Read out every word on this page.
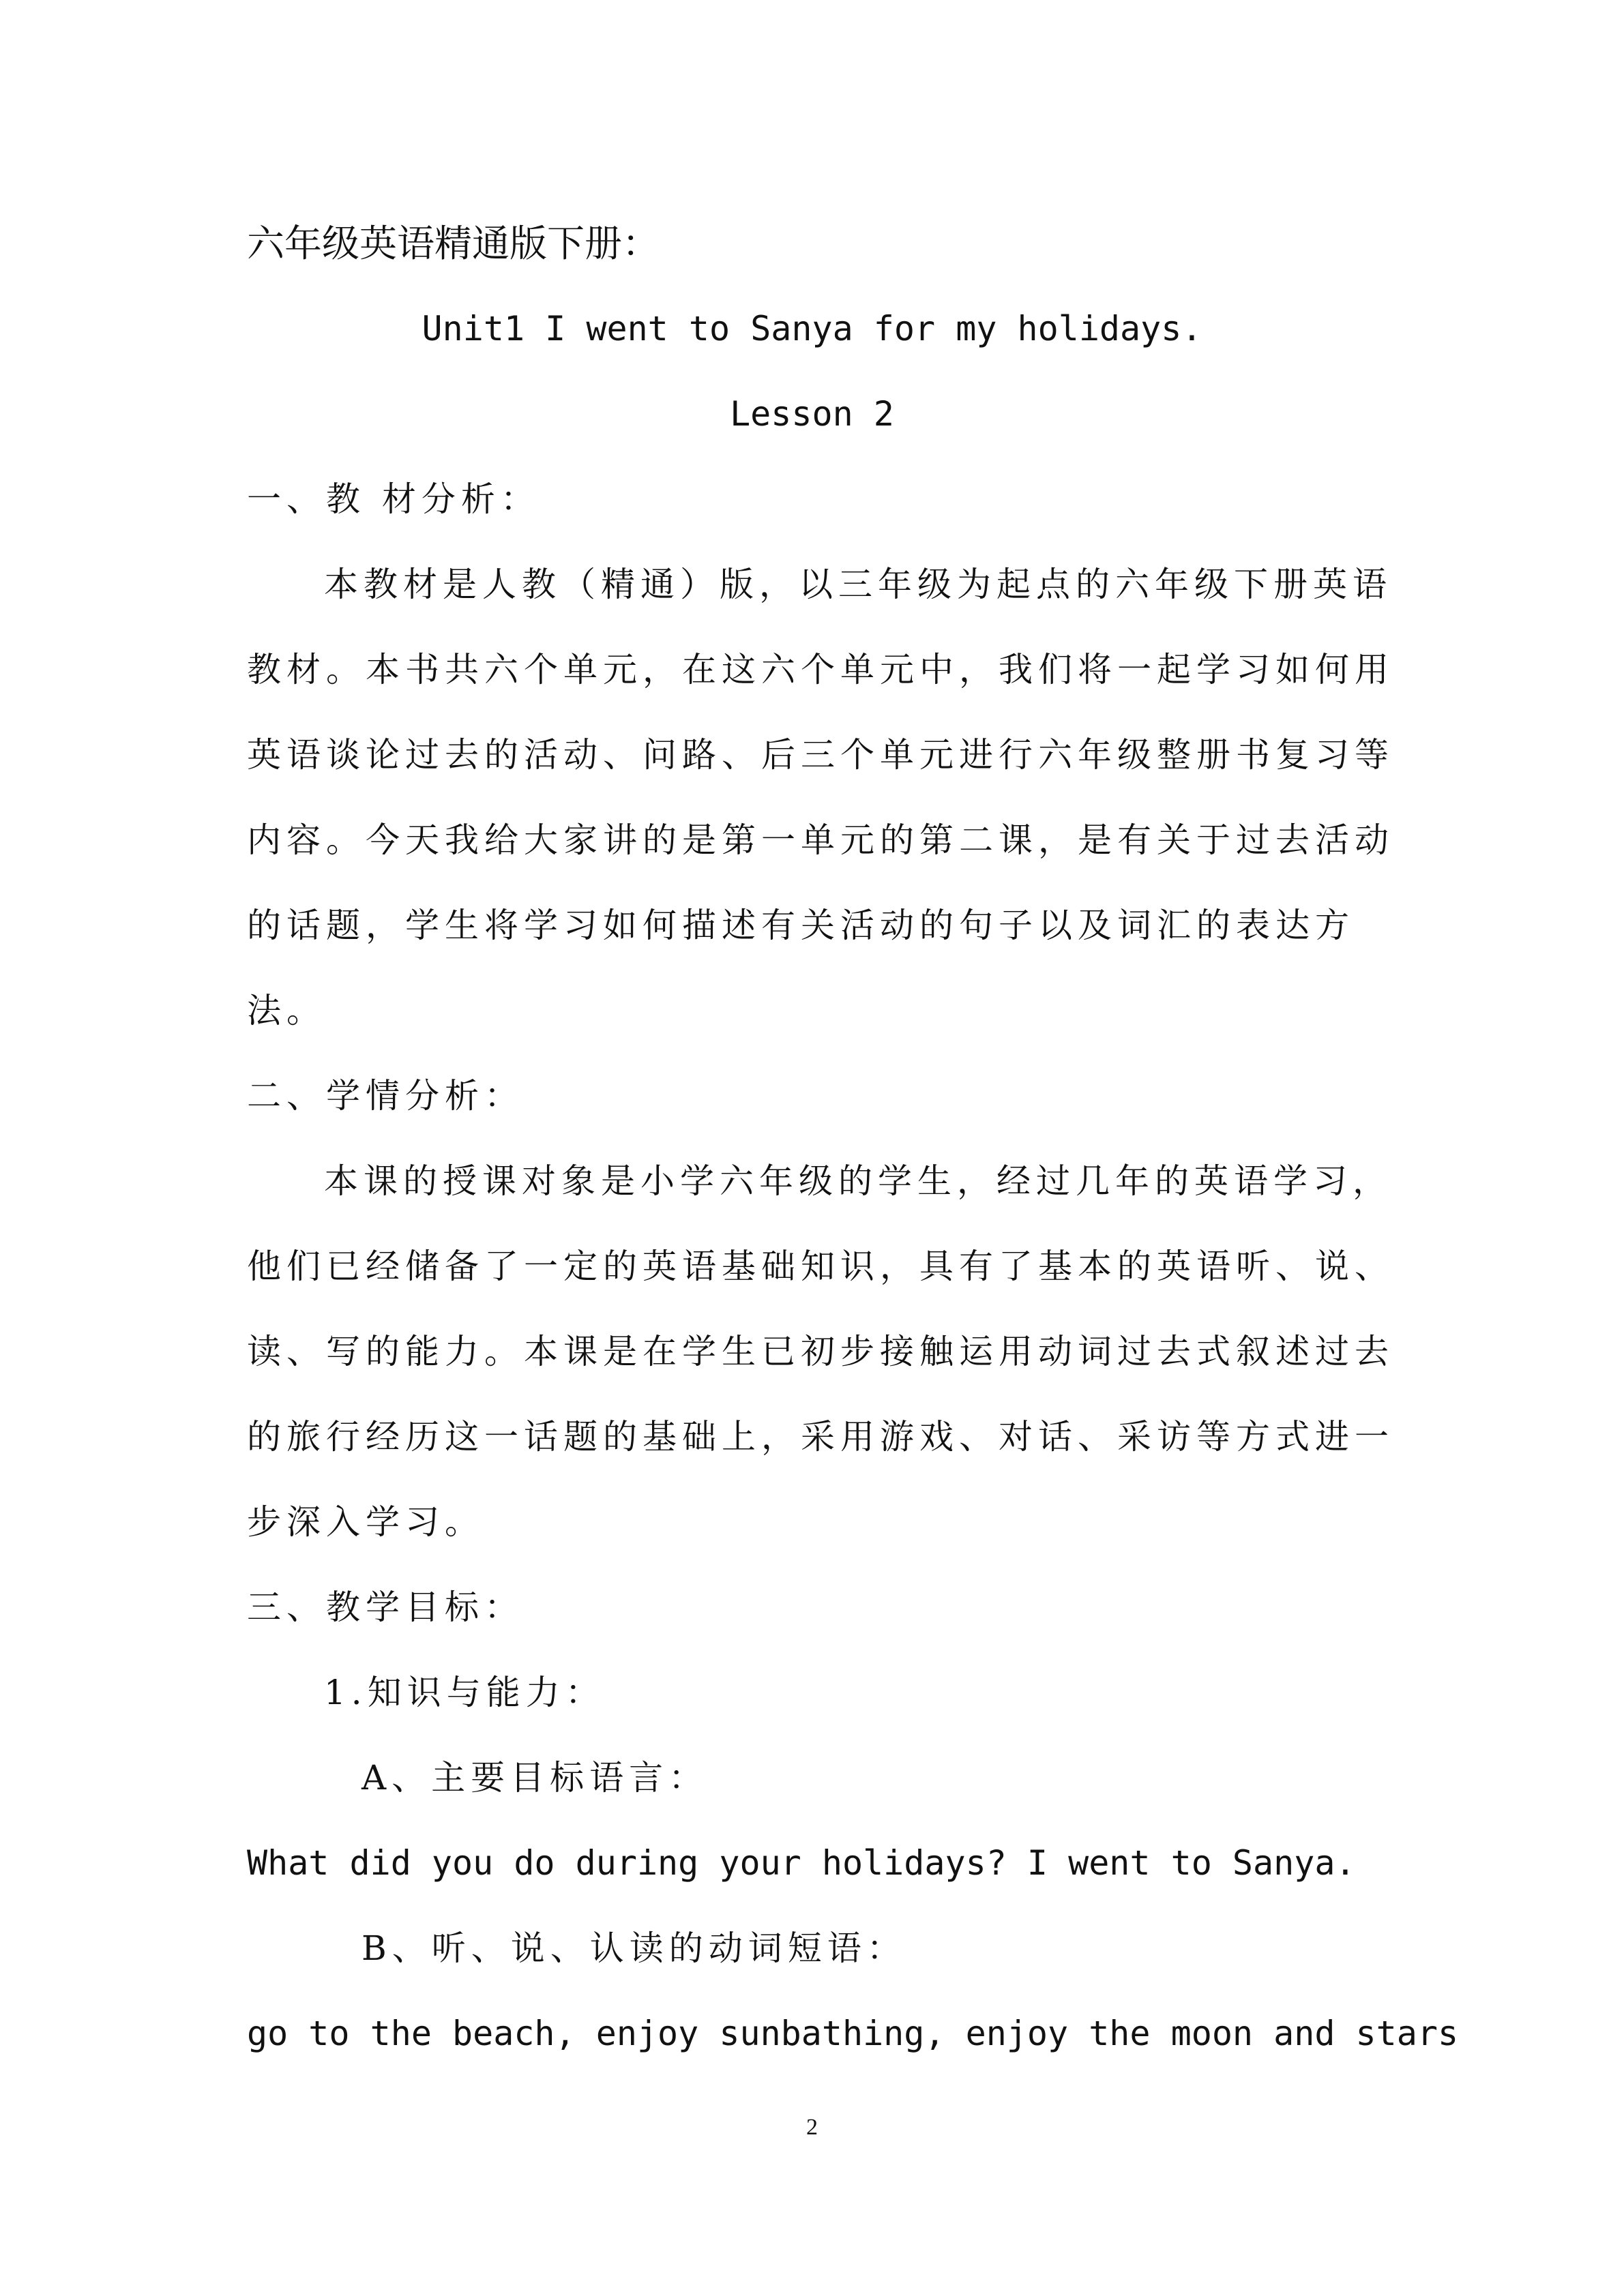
六年级英语精通版下册：
Unit1 I went to Sanya for my holidays.
Lesson 2
一、教 材分析：
本教材是人教（精通）版，以三年级为起点的六年级下册英语
教材。本书共六个单元，在这六个单元中，我们将一起学习如何用
英语谈论过去的活动、问路、后三个单元进行六年级整册书复习等
内容。今天我给大家讲的是第一单元的第二课，是有关于过去活动
的话题，学生将学习如何描述有关活动的句子以及词汇的表达方
法。
二、学情分析：
本课的授课对象是小学六年级的学生，经过几年的英语学习，
他们已经储备了一定的英语基础知识，具有了基本的英语听、说、
读、写的能力。本课是在学生已初步接触运用动词过去式叙述过去
的旅行经历这一话题的基础上，采用游戏、对话、采访等方式进一
步深入学习。
三、教学目标：
1.知识与能力：
A、主要目标语言：
What did you do during your holidays? I went to Sanya.
B、听、说、认读的动词短语：
go to the beach, enjoy sunbathing, enjoy the moon and stars
2
